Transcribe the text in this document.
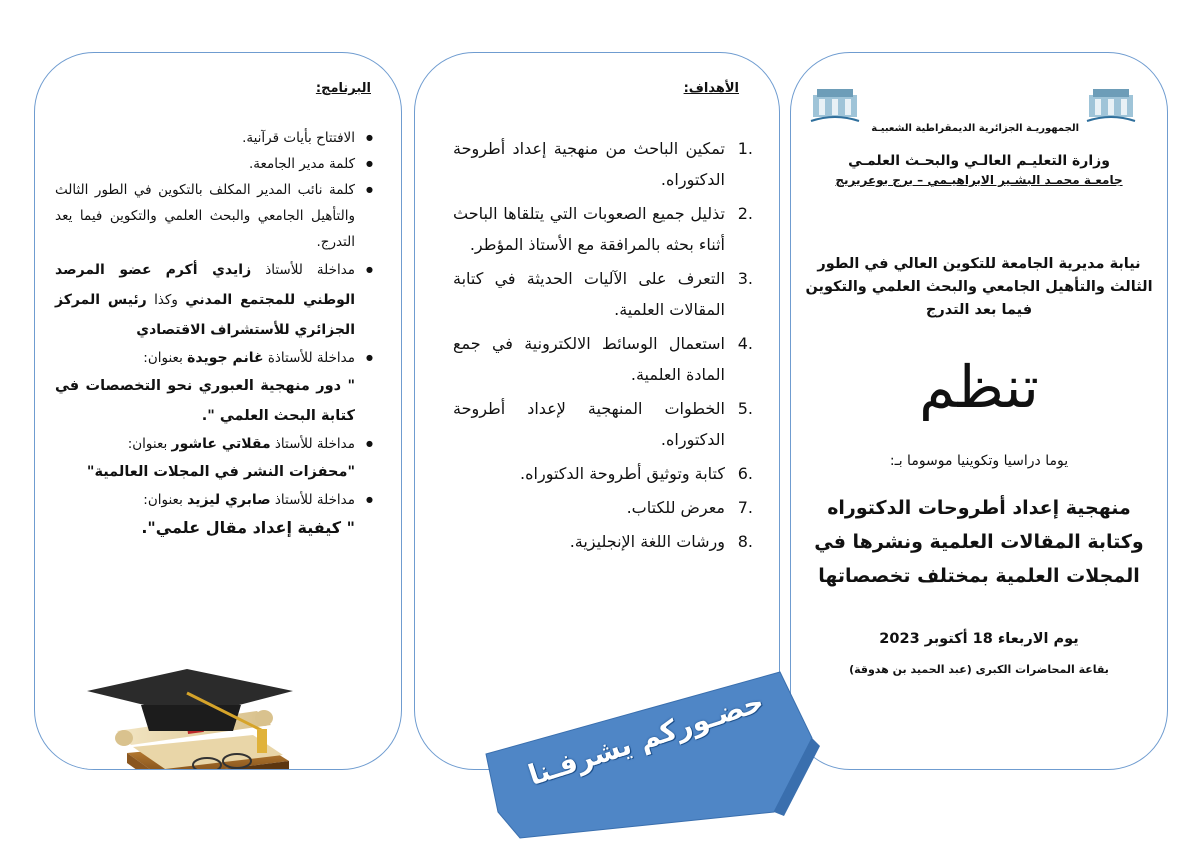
البرنامج:
● الافتتاح بأيات قرآنية.
● كلمة مدير الجامعة.
● كلمة نائب المدير المكلف بالتكوين في الطور الثالث والتأهيل الجامعي والبحث العلمي والتكوين فيما يعد التدرج.
● مداخلة للأستاذ زايدي أكرم عضو المرصد الوطني للمجتمع المدني وكذا رئيس المركز الجزائري للأستشراف الاقتصادي
● مداخلة للأستاذة غانم جويدة بعنوان:
" دور منهجية العبوري نحو التخصصات في كتابة البحث العلمي ".
● مداخلة للأستاذ مقلاتي عاشور بعنوان:
"محفزات النشر في المجلات العالمية"
● مداخلة للأستاذ صابري ليزيد بعنوان:
" كيفية إعداد مقال علمي".
الأهداف:
1.
تمكين الباحث من منهجية إعداد أطروحة الدكتوراه.
2.
تذليل جميع الصعوبات التي يتلقاها الباحث أثناء بحثه بالمرافقة مع الأستاذ المؤطر.
3.
التعرف على الآليات الحديثة في كتابة المقالات العلمية.
4.
استعمال الوسائط الالكترونية في جمع المادة العلمية.
5.
الخطوات المنهجية لإعداد أطروحة الدكتوراه.
6.
كتابة وتوثيق أطروحة الدكتوراه.
7.
معرض للكتاب.
8.
ورشات اللغة الإنجليزية.
الجمهوريـة الجزائرية الديمقراطية الشعبيـة
وزارة التعليـم العالـي والبحـث العلمـي
جامعـة محمـد البشـير الابراهيـمي – برج بوعريريج
نيابة مديرية الجامعة للتكوين العالي في الطور الثالث والتأهيل الجامعي والبحث العلمي والتكوين فيما بعد التدرج
تنظم
يوما دراسيا وتكوينيا موسوما بـ:
منهجية إعداد أطروحات الدكتوراه وكتابة المقالات العلمية ونشرها في المجلات العلمية بمختلف تخصصاتها
يوم الاربعاء 18 أكتوبر 2023
بقاعة المحاضرات الكبرى (عبد الحميد بن هدوقة)
حضـوركم يشرفـنا
